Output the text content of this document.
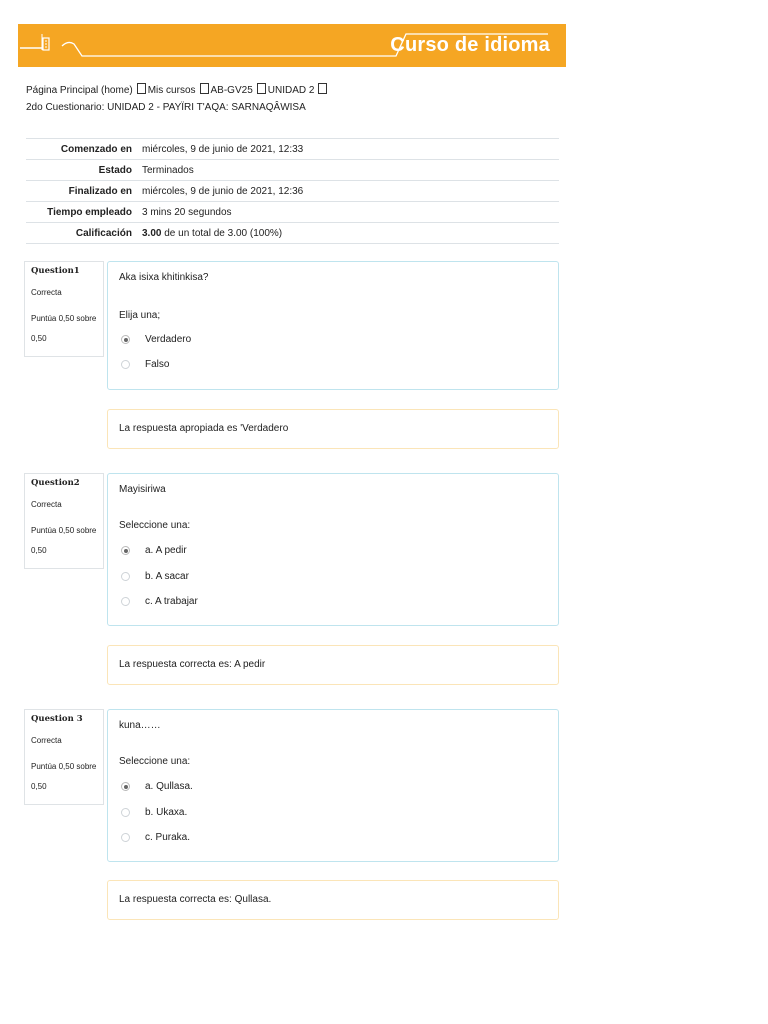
Curso de idioma
Página Principal (home) Mis cursos AB-GV25 UNIDAD 2
2do Cuestionario: UNIDAD 2 - PAYÏRI T'AQA: SARNAQÂWISA
Comenzado en	miércoles, 9 de junio de 2021, 12:33
Estado	Terminados
Finalizado en	miércoles, 9 de junio de 2021, 12:36
Tiempo empleado	3 mins 20 segundos
Calificación	3.00 de un total de 3.00 (100%)
Question1
Correcta
Puntúa 0,50 sobre 0,50
Aka isixa khitinkisa?
Elija una;
Verdadero
Falso
La respuesta apropiada es 'Verdadero
Question2
Correcta
Puntúa 0,50 sobre 0,50
Mayisiriwa
Seleccione una:
a. A pedir
b. A sacar
c. A trabajar
La respuesta correcta es: A pedir
Question 3
Correcta
Puntúa 0,50 sobre 0,50
kuna……
Seleccione una:
a. Qullasa.
b. Ukaxa.
c. Puraka.
La respuesta correcta es: Qullasa.
